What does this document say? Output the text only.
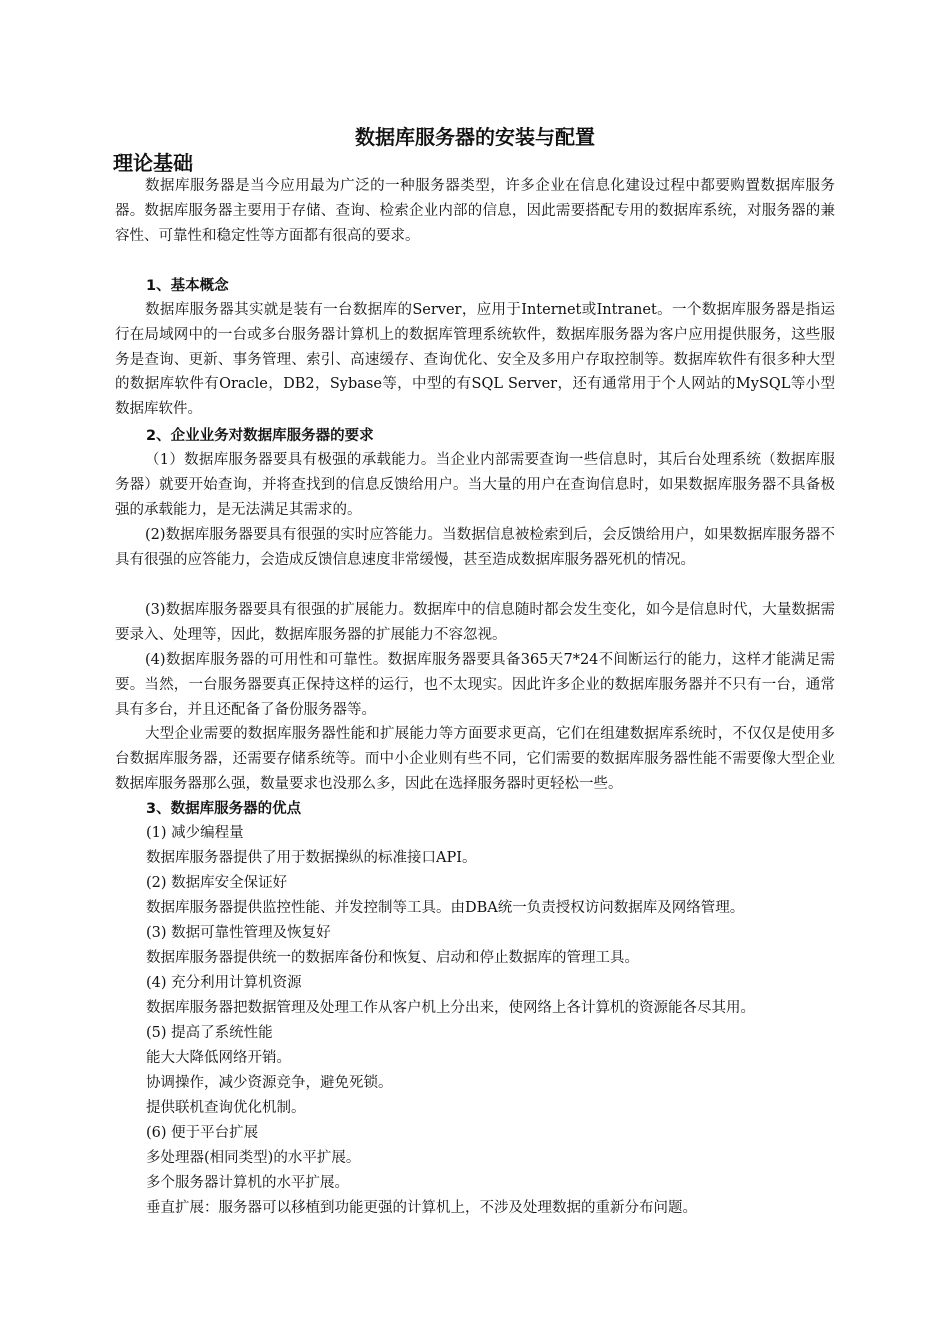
数据库服务器的安装与配置
理论基础

数据库服务器是当今应用最为广泛的一种服务器类型，许多企业在信息化建设过程中都要购置数据库服务器。数据库服务器主要用于存储、查询、检索企业内部的信息，因此需要搭配专用的数据库系统，对服务器的兼容性、可靠性和稳定性等方面都有很高的要求。

1、基本概念

数据库服务器其实就是装有一台数据库的Server，应用于Internet或Intranet。一个数据库服务器是指运行在局域网中的一台或多台服务器计算机上的数据库管理系统软件，数据库服务器为客户应用提供服务，这些服务是查询、更新、事务管理、索引、高速缓存、查询优化、安全及多用户存取控制等。数据库软件有很多种大型的数据库软件有Oracle，DB2，Sybase等，中型的有SQL Server，还有通常用于个人网站的MySQL等小型数据库软件。

2、企业业务对数据库服务器的要求

（1）数据库服务器要具有极强的承载能力。当企业内部需要查询一些信息时，其后台处理系统（数据库服务器）就要开始查询，并将查找到的信息反馈给用户。当大量的用户在查询信息时，如果数据库服务器不具备极强的承载能力，是无法满足其需求的。

(2)数据库服务器要具有很强的实时应答能力。当数据信息被检索到后，会反馈给用户，如果数据库服务器不具有很强的应答能力，会造成反馈信息速度非常缓慢，甚至造成数据库服务器死机的情况。

(3)数据库服务器要具有很强的扩展能力。数据库中的信息随时都会发生变化，如今是信息时代，大量数据需要录入、处理等，因此，数据库服务器的扩展能力不容忽视。

(4)数据库服务器的可用性和可靠性。数据库服务器要具备365天7*24不间断运行的能力，这样才能满足需要。当然，一台服务器要真正保持这样的运行，也不太现实。因此许多企业的数据库服务器并不只有一台，通常具有多台，并且还配备了备份服务器等。

大型企业需要的数据库服务器性能和扩展能力等方面要求更高，它们在组建数据库系统时，不仅仅是使用多台数据库服务器，还需要存储系统等。而中小企业则有些不同，它们需要的数据库服务器性能不需要像大型企业数据库服务器那么强，数量要求也没那么多，因此在选择服务器时更轻松一些。

3、数据库服务器的优点

(1) 减少编程量

数据库服务器提供了用于数据操纵的标准接口API。

(2) 数据库安全保证好

数据库服务器提供监控性能、并发控制等工具。由DBA统一负责授权访问数据库及网络管理。

(3) 数据可靠性管理及恢复好

数据库服务器提供统一的数据库备份和恢复、启动和停止数据库的管理工具。

(4) 充分利用计算机资源

数据库服务器把数据管理及处理工作从客户机上分出来，使网络上各计算机的资源能各尽其用。

(5) 提高了系统性能

能大大降低网络开销。

协调操作，减少资源竞争，避免死锁。

提供联机查询优化机制。

(6) 便于平台扩展

多处理器(相同类型)的水平扩展。

多个服务器计算机的水平扩展。

垂直扩展：服务器可以移植到功能更强的计算机上，不涉及处理数据的重新分布问题。
